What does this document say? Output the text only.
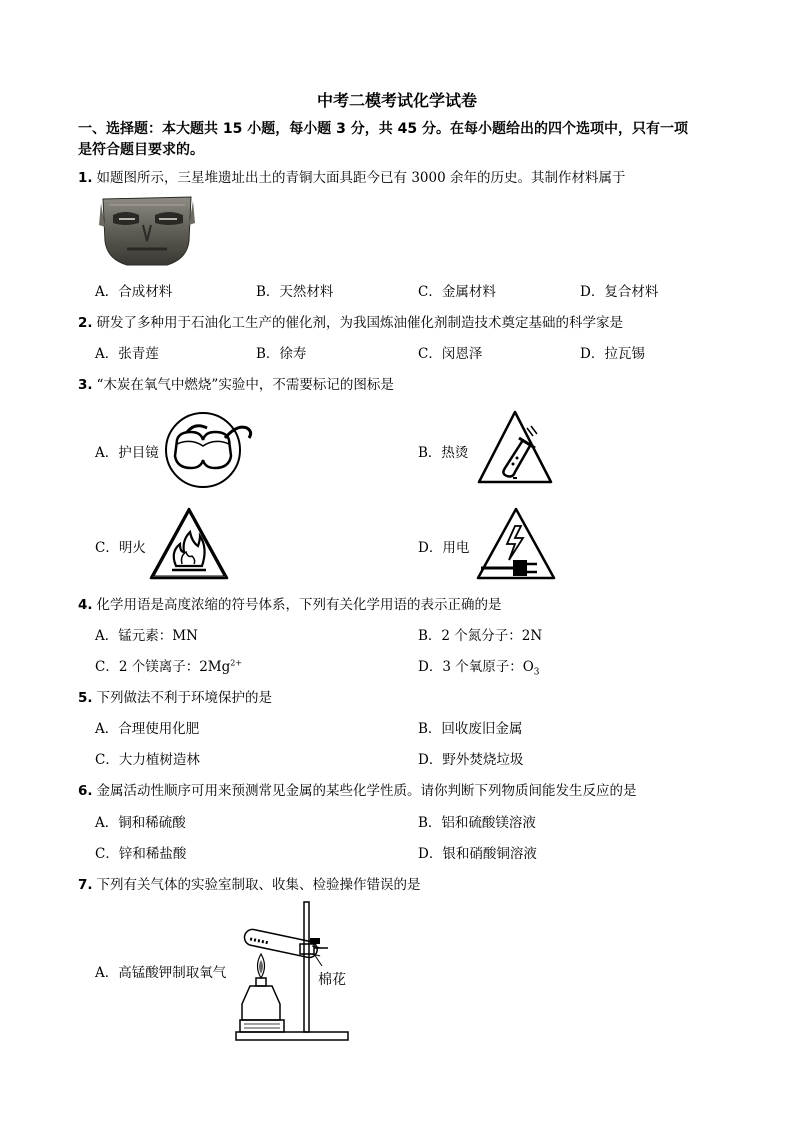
中考二模考试化学试卷
一、选择题：本大题共 15 小题，每小题 3 分，共 45 分。在每小题给出的四个选项中，只有一项
是符合题目要求的。
1. 如题图所示，三星堆遗址出土的青铜大面具距今已有 3000 余年的历史。其制作材料属于
A．合成材料	B．天然材料	C．金属材料	D．复合材料
2. 研发了多种用于石油化工生产的催化剂，为我国炼油催化剂制造技术奠定基础的科学家是
A．张青莲	B．徐寿	C．闵恩泽	D．拉瓦锡
3. “木炭在氧气中燃烧”实验中，不需要标记的图标是
A．护目镜	B．热烫
C．明火	D．用电
4. 化学用语是高度浓缩的符号体系，下列有关化学用语的表示正确的是
A．锰元素：MN	B．2 个氮分子：2N
C．2 个镁离子：$2Mg^{2+}$	D．3 个氧原子：$O_3$
5. 下列做法不利于环境保护的是
A．合理使用化肥	B．回收废旧金属
C．大力植树造林	D．野外焚烧垃圾
6. 金属活动性顺序可用来预测常见金属的某些化学性质。请你判断下列物质间能发生反应的是
A．铜和稀硫酸	B．铝和硫酸镁溶液
C．锌和稀盐酸	D．银和硝酸铜溶液
7. 下列有关气体的实验室制取、收集、检验操作错误的是
A．高锰酸钾制取氧气	棉花
